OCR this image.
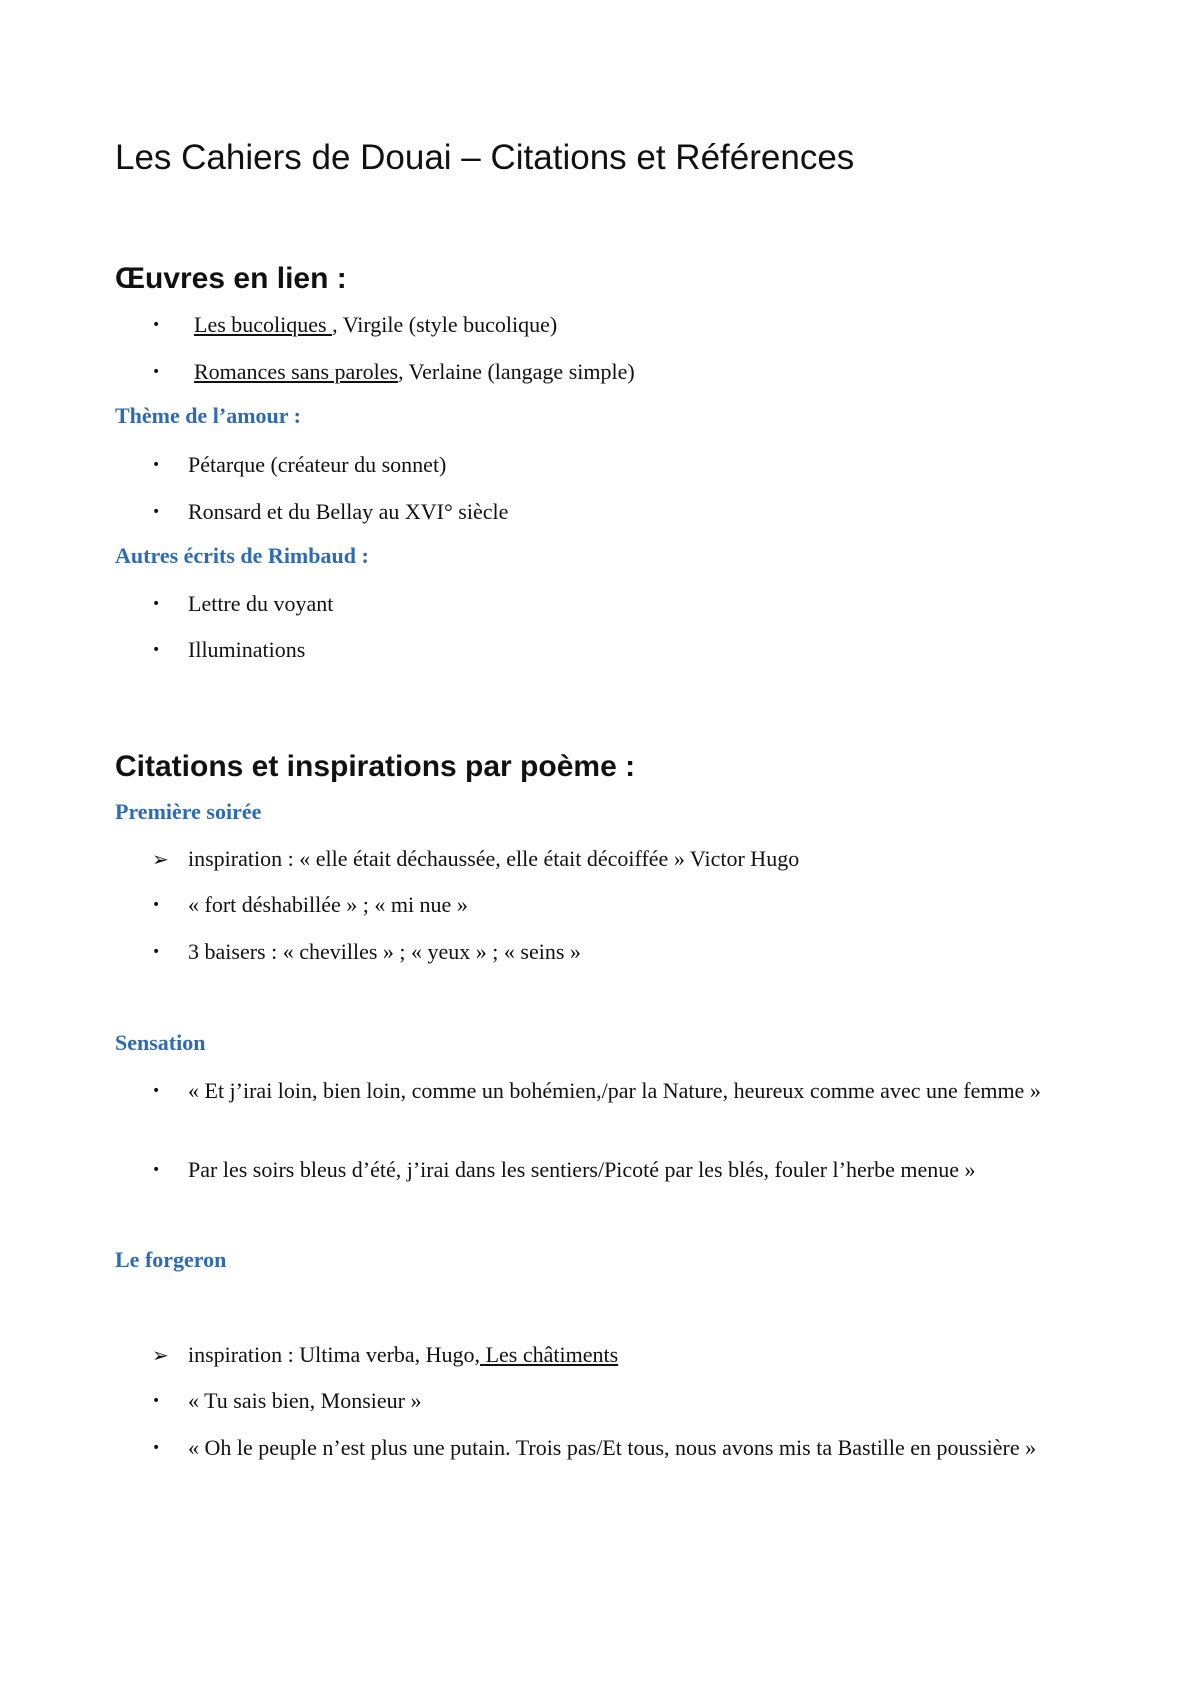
Les Cahiers de Douai – Citations et Références
Œuvres en lien :
•	Les bucoliques , Virgile (style bucolique)
•	Romances sans paroles, Verlaine (langage simple)
Thème de l’amour :
•	Pétarque (créateur du sonnet)
•	Ronsard et du Bellay au XVI° siècle
Autres écrits de Rimbaud :
•	Lettre du voyant
•	Illuminations
Citations et inspirations par poème :
Première soirée
➢ inspiration : « elle était déchaussée, elle était décoiffée » Victor Hugo
•	« fort déshabillée » ; « mi nue »
•	3 baisers : « chevilles » ; « yeux » ; « seins »
Sensation
•	« Et j’irai loin, bien loin, comme un bohémien,/par la Nature, heureux comme avec une femme »
•	Par les soirs bleus d’été, j’irai dans les sentiers/Picoté par les blés, fouler l’herbe menue »
Le forgeron
➢ inspiration : Ultima verba, Hugo, Les châtiments
•	« Tu sais bien, Monsieur »
•	« Oh le peuple n’est plus une putain. Trois pas/Et tous, nous avons mis ta Bastille en poussière »
